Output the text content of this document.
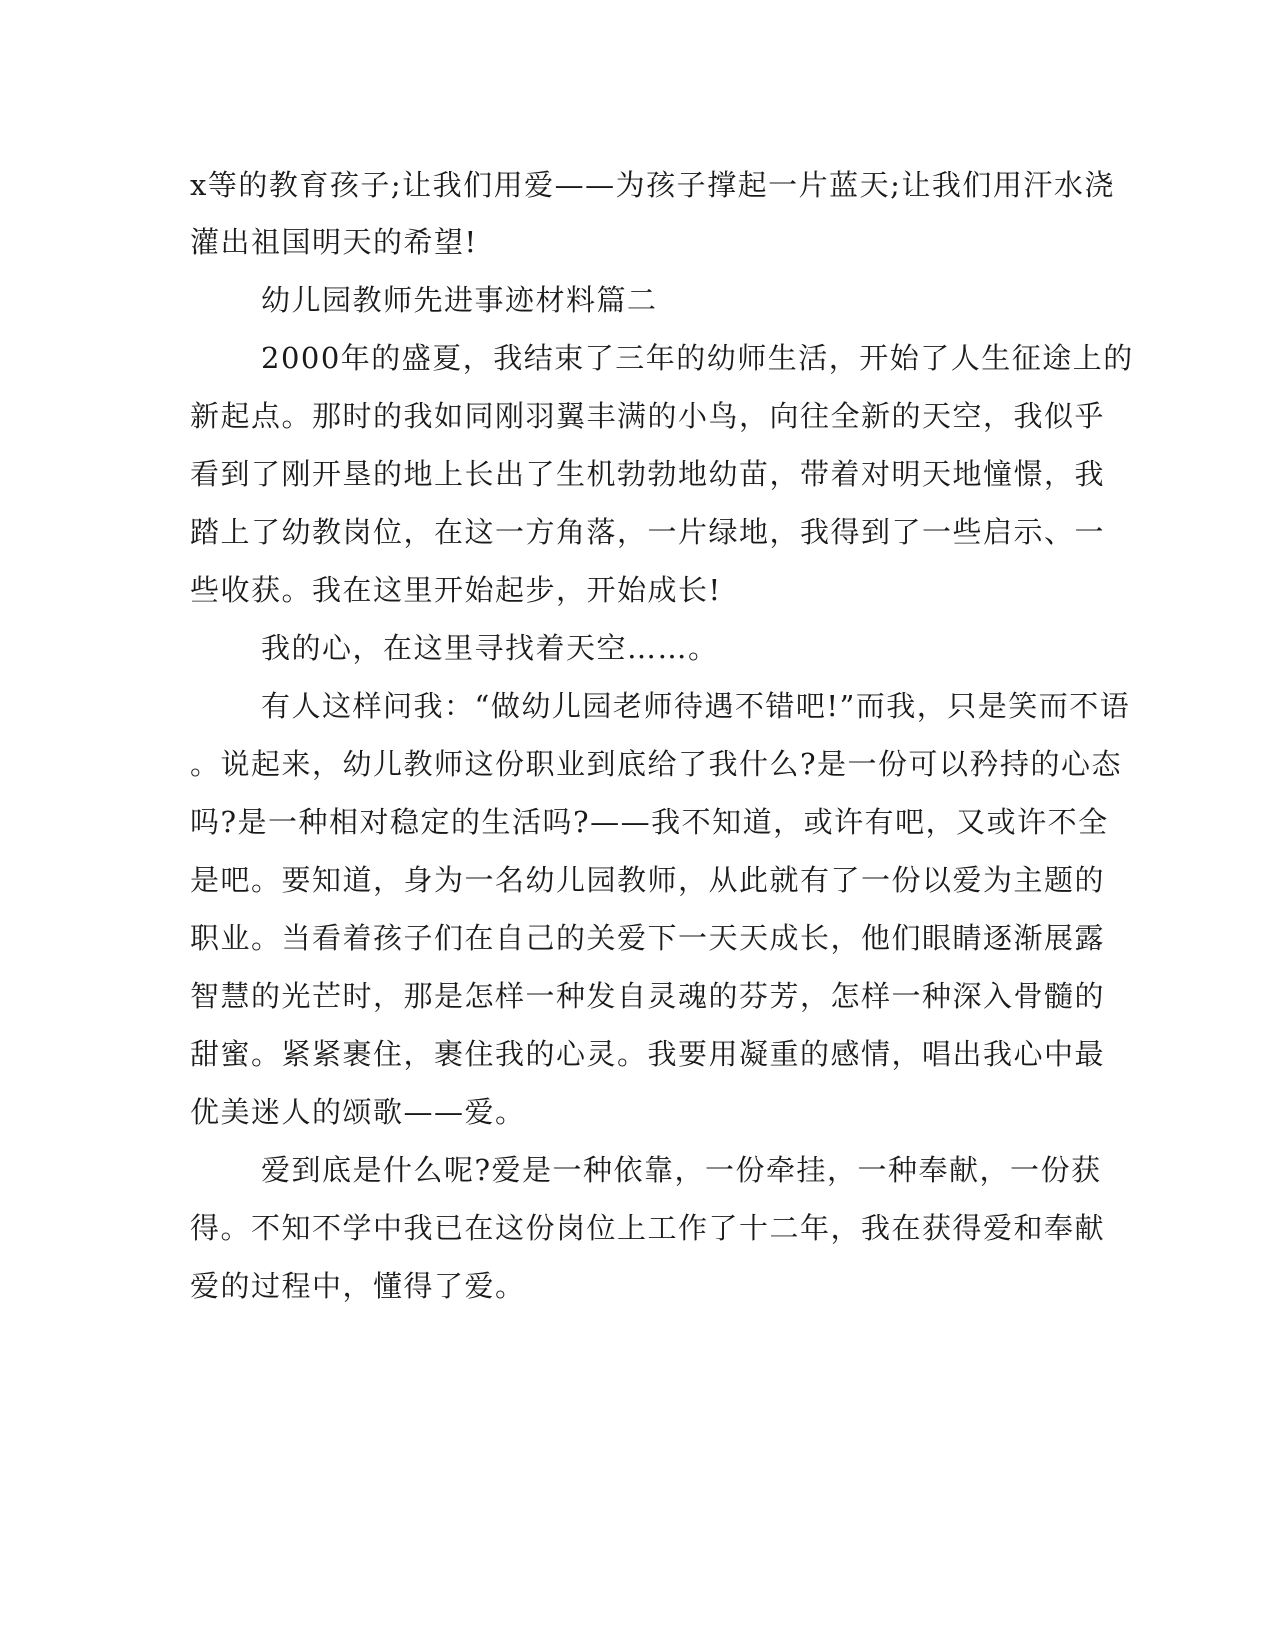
x等的教育孩子;让我们用爱——为孩子撑起一片蓝天;让我们用汗水浇
灌出祖国明天的希望!
幼儿园教师先进事迹材料篇二
2000年的盛夏，我结束了三年的幼师生活，开始了人生征途上的
新起点。那时的我如同刚羽翼丰满的小鸟，向往全新的天空，我似乎
看到了刚开垦的地上长出了生机勃勃地幼苗，带着对明天地憧憬，我
踏上了幼教岗位，在这一方角落，一片绿地，我得到了一些启示、一
些收获。我在这里开始起步，开始成长!
我的心，在这里寻找着天空……。
有人这样问我：“做幼儿园老师待遇不错吧!”而我，只是笑而不语
。说起来，幼儿教师这份职业到底给了我什么?是一份可以矜持的心态
吗?是一种相对稳定的生活吗?——我不知道，或许有吧，又或许不全
是吧。要知道，身为一名幼儿园教师，从此就有了一份以爱为主题的
职业。当看着孩子们在自己的关爱下一天天成长，他们眼睛逐渐展露
智慧的光芒时，那是怎样一种发自灵魂的芬芳，怎样一种深入骨髓的
甜蜜。紧紧裹住，裹住我的心灵。我要用凝重的感情，唱出我心中最
优美迷人的颂歌——爱。
爱到底是什么呢?爱是一种依靠，一份牵挂，一种奉献，一份获
得。不知不学中我已在这份岗位上工作了十二年，我在获得爱和奉献
爱的过程中，懂得了爱。
